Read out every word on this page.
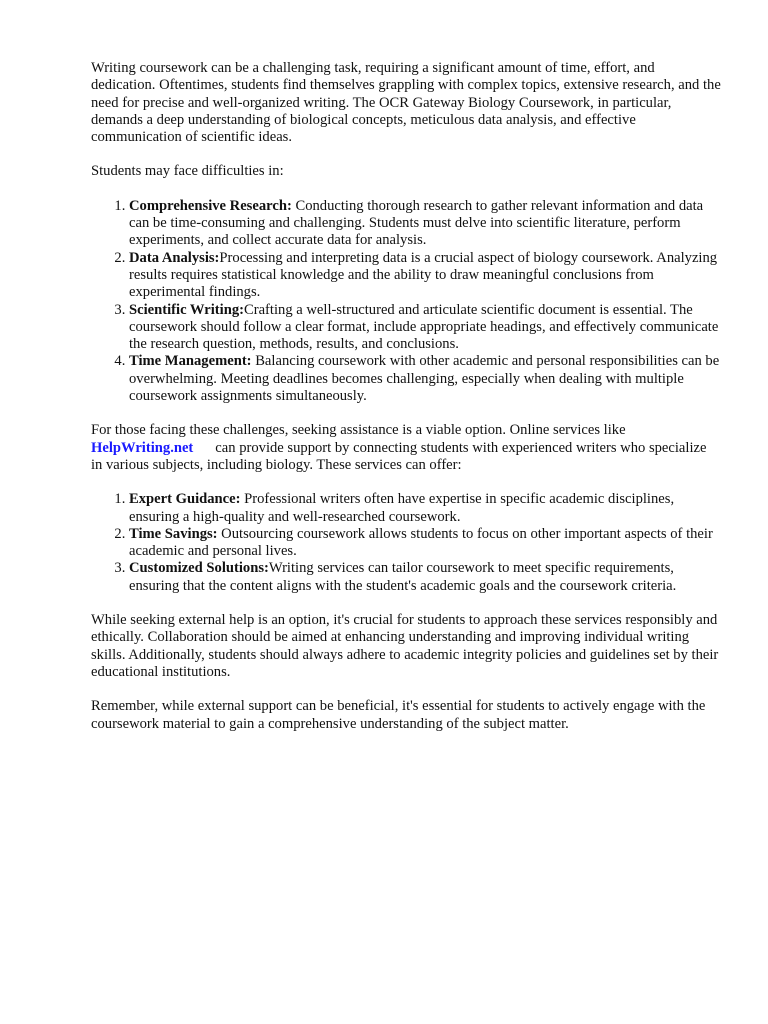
Writing coursework can be a challenging task, requiring a significant amount of time, effort, and dedication. Oftentimes, students find themselves grappling with complex topics, extensive research, and the need for precise and well-organized writing. The OCR Gateway Biology Coursework, in particular, demands a deep understanding of biological concepts, meticulous data analysis, and effective communication of scientific ideas.

Students may face difficulties in:

1. Comprehensive Research: Conducting thorough research to gather relevant information and data can be time-consuming and challenging. Students must delve into scientific literature, perform experiments, and collect accurate data for analysis.
2. Data Analysis:Processing and interpreting data is a crucial aspect of biology coursework. Analyzing results requires statistical knowledge and the ability to draw meaningful conclusions from experimental findings.
3. Scientific Writing:Crafting a well-structured and articulate scientific document is essential. The coursework should follow a clear format, include appropriate headings, and effectively communicate the research question, methods, results, and conclusions.
4. Time Management: Balancing coursework with other academic and personal responsibilities can be overwhelming. Meeting deadlines becomes challenging, especially when dealing with multiple coursework assignments simultaneously.

For those facing these challenges, seeking assistance is a viable option. Online services like
HelpWriting.net can provide support by connecting students with experienced writers who specialize in various subjects, including biology. These services can offer:

1. Expert Guidance: Professional writers often have expertise in specific academic disciplines, ensuring a high-quality and well-researched coursework.
2. Time Savings: Outsourcing coursework allows students to focus on other important aspects of their academic and personal lives.
3. Customized Solutions:Writing services can tailor coursework to meet specific requirements, ensuring that the content aligns with the student's academic goals and the coursework criteria.

While seeking external help is an option, it's crucial for students to approach these services responsibly and ethically. Collaboration should be aimed at enhancing understanding and improving individual writing skills. Additionally, students should always adhere to academic integrity policies and guidelines set by their educational institutions.

Remember, while external support can be beneficial, it's essential for students to actively engage with the coursework material to gain a comprehensive understanding of the subject matter.
